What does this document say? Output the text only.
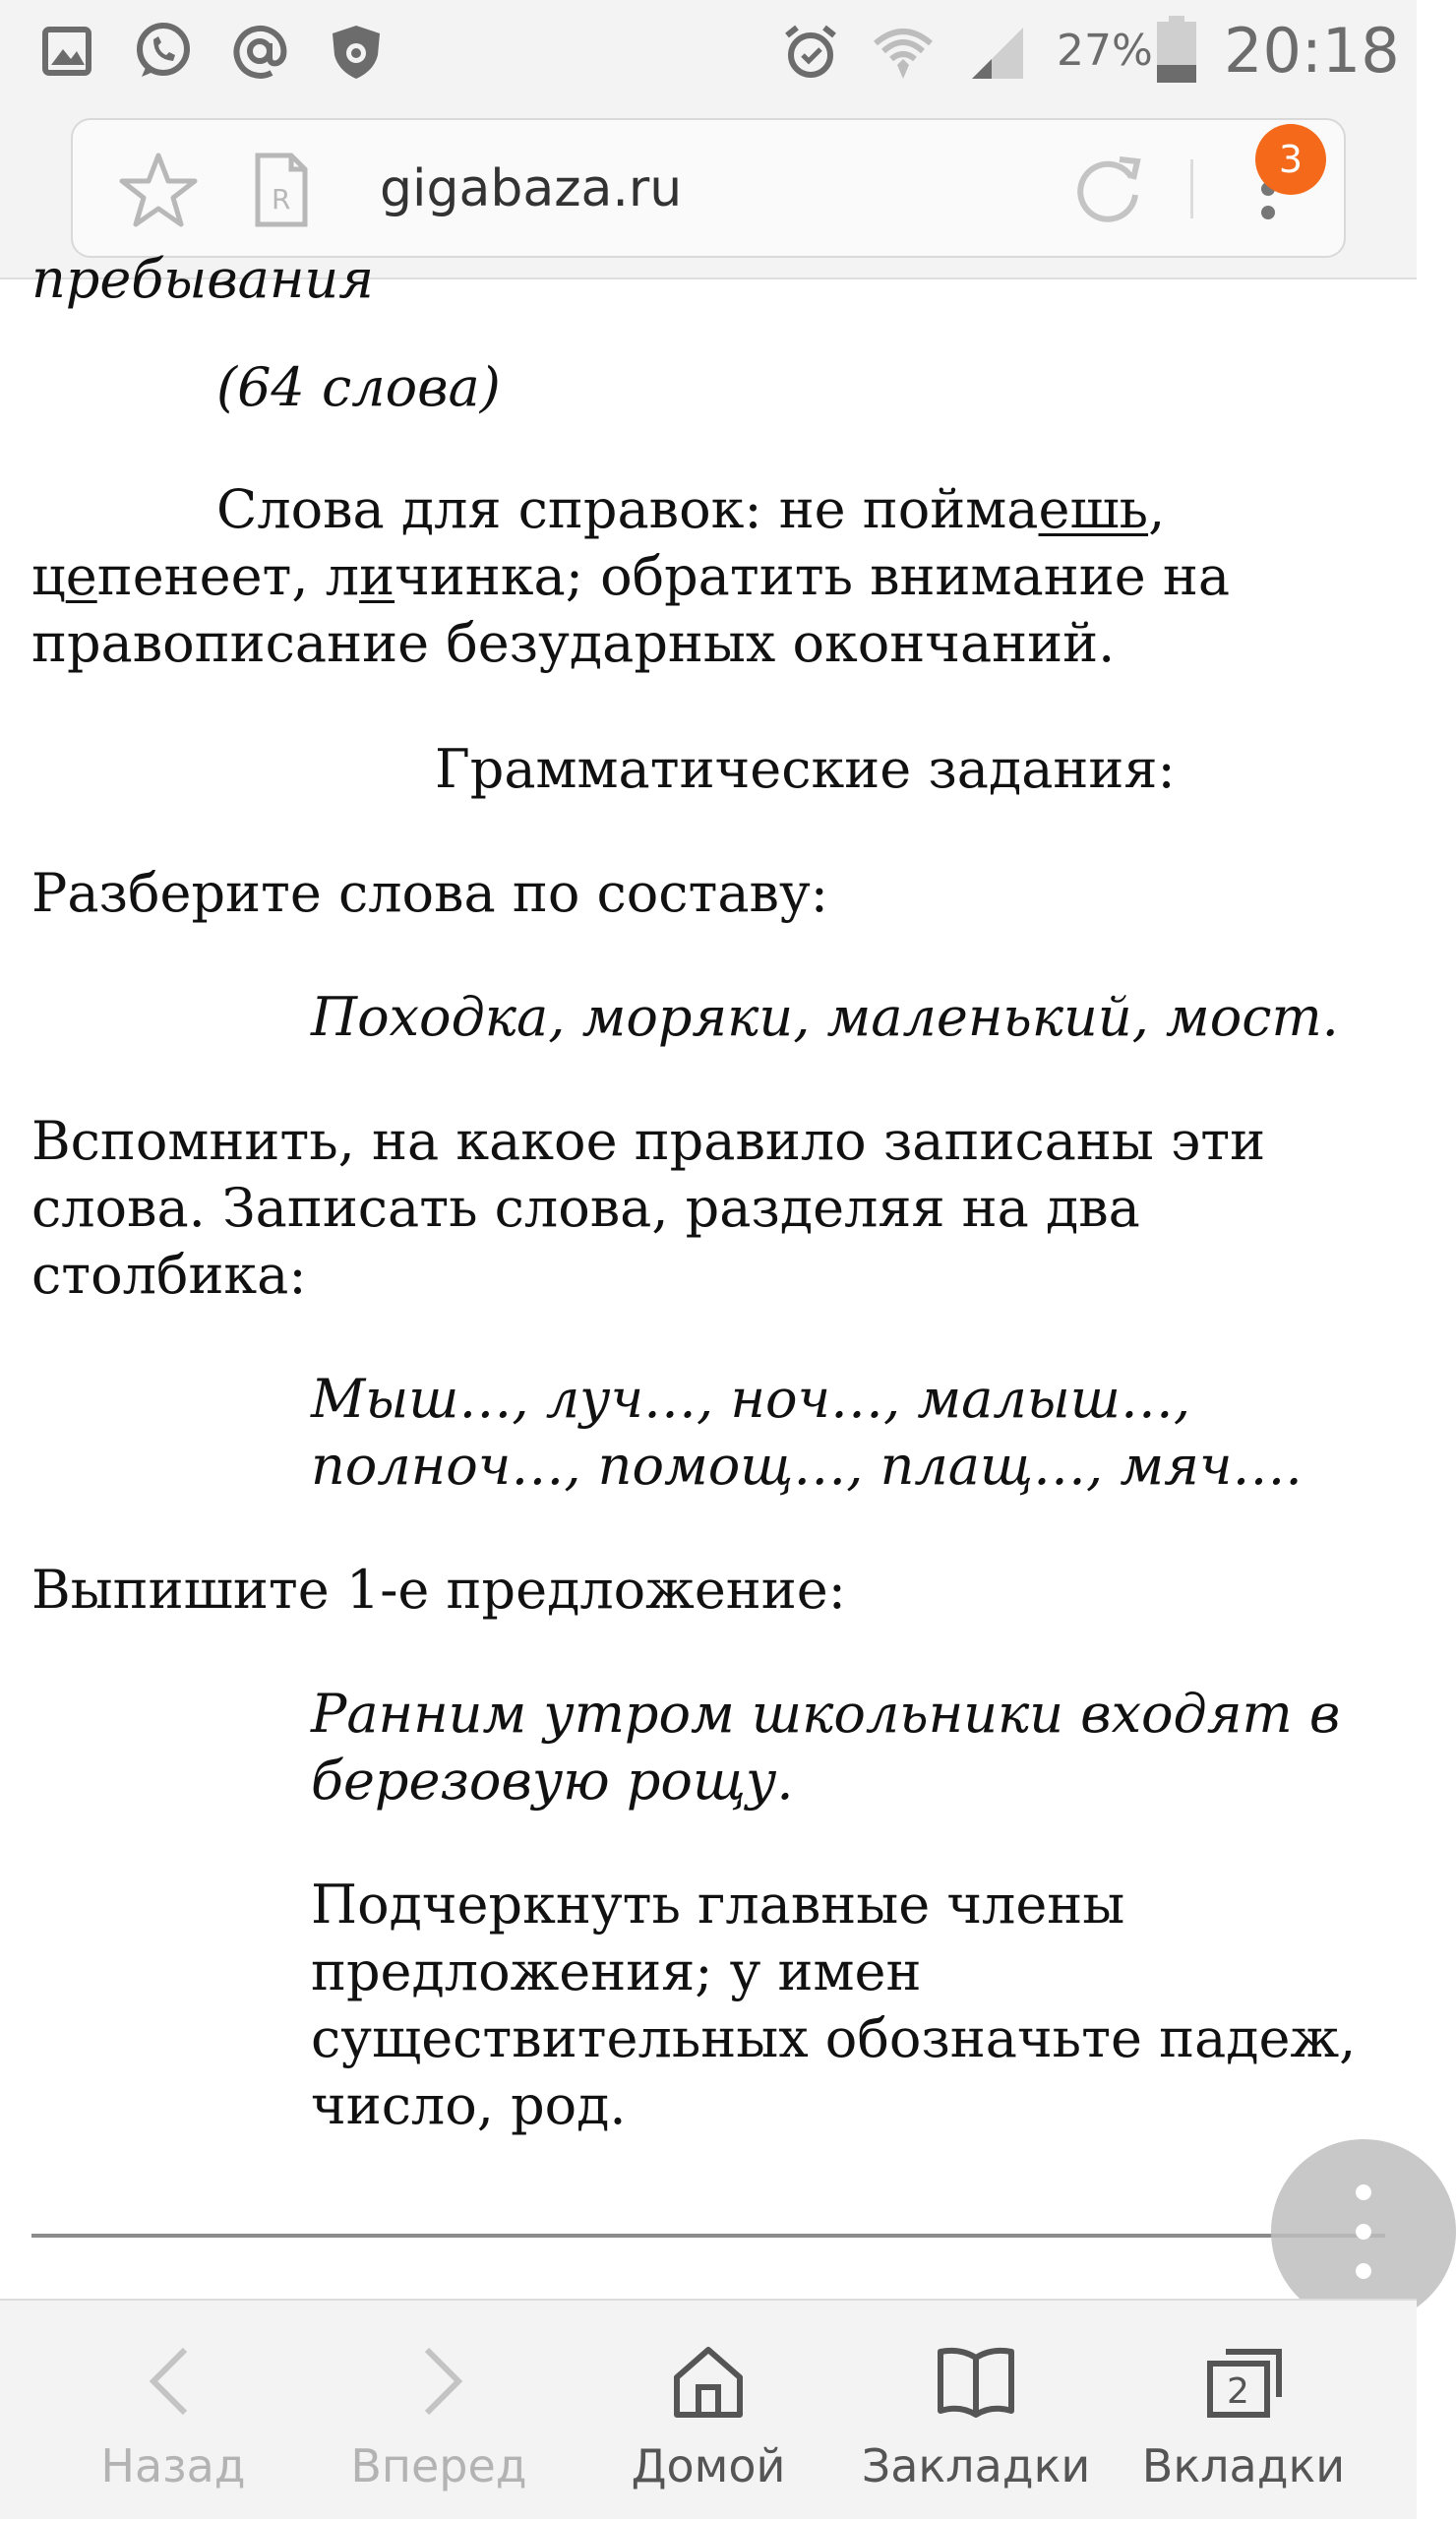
27% 20:18
R gigabaza.ru	3

пребывания

(64 слова)

Слова для справок: не поймаешь,

цепенеет, личинка; обратить внимание на

правописание безударных окончаний.

Грамматические задания:

Разберите слова по составу:

Походка, моряки, маленький, мост.

Вспомнить, на какое правило записаны эти

слова. Записать слова, разделяя на два

столбика:

Мыш…, луч…, ноч…, малыш…,

полноч…, помощ…, плащ…, мяч….

Выпишите 1-е предложение:

Ранним утром школьники входят в

березовую рощу.

Подчеркнуть главные члены

предложения; у имен

существительных обозначьте падеж,

число, род.

Назад	Вперед	Домой	Закладки
2
Вкладки
